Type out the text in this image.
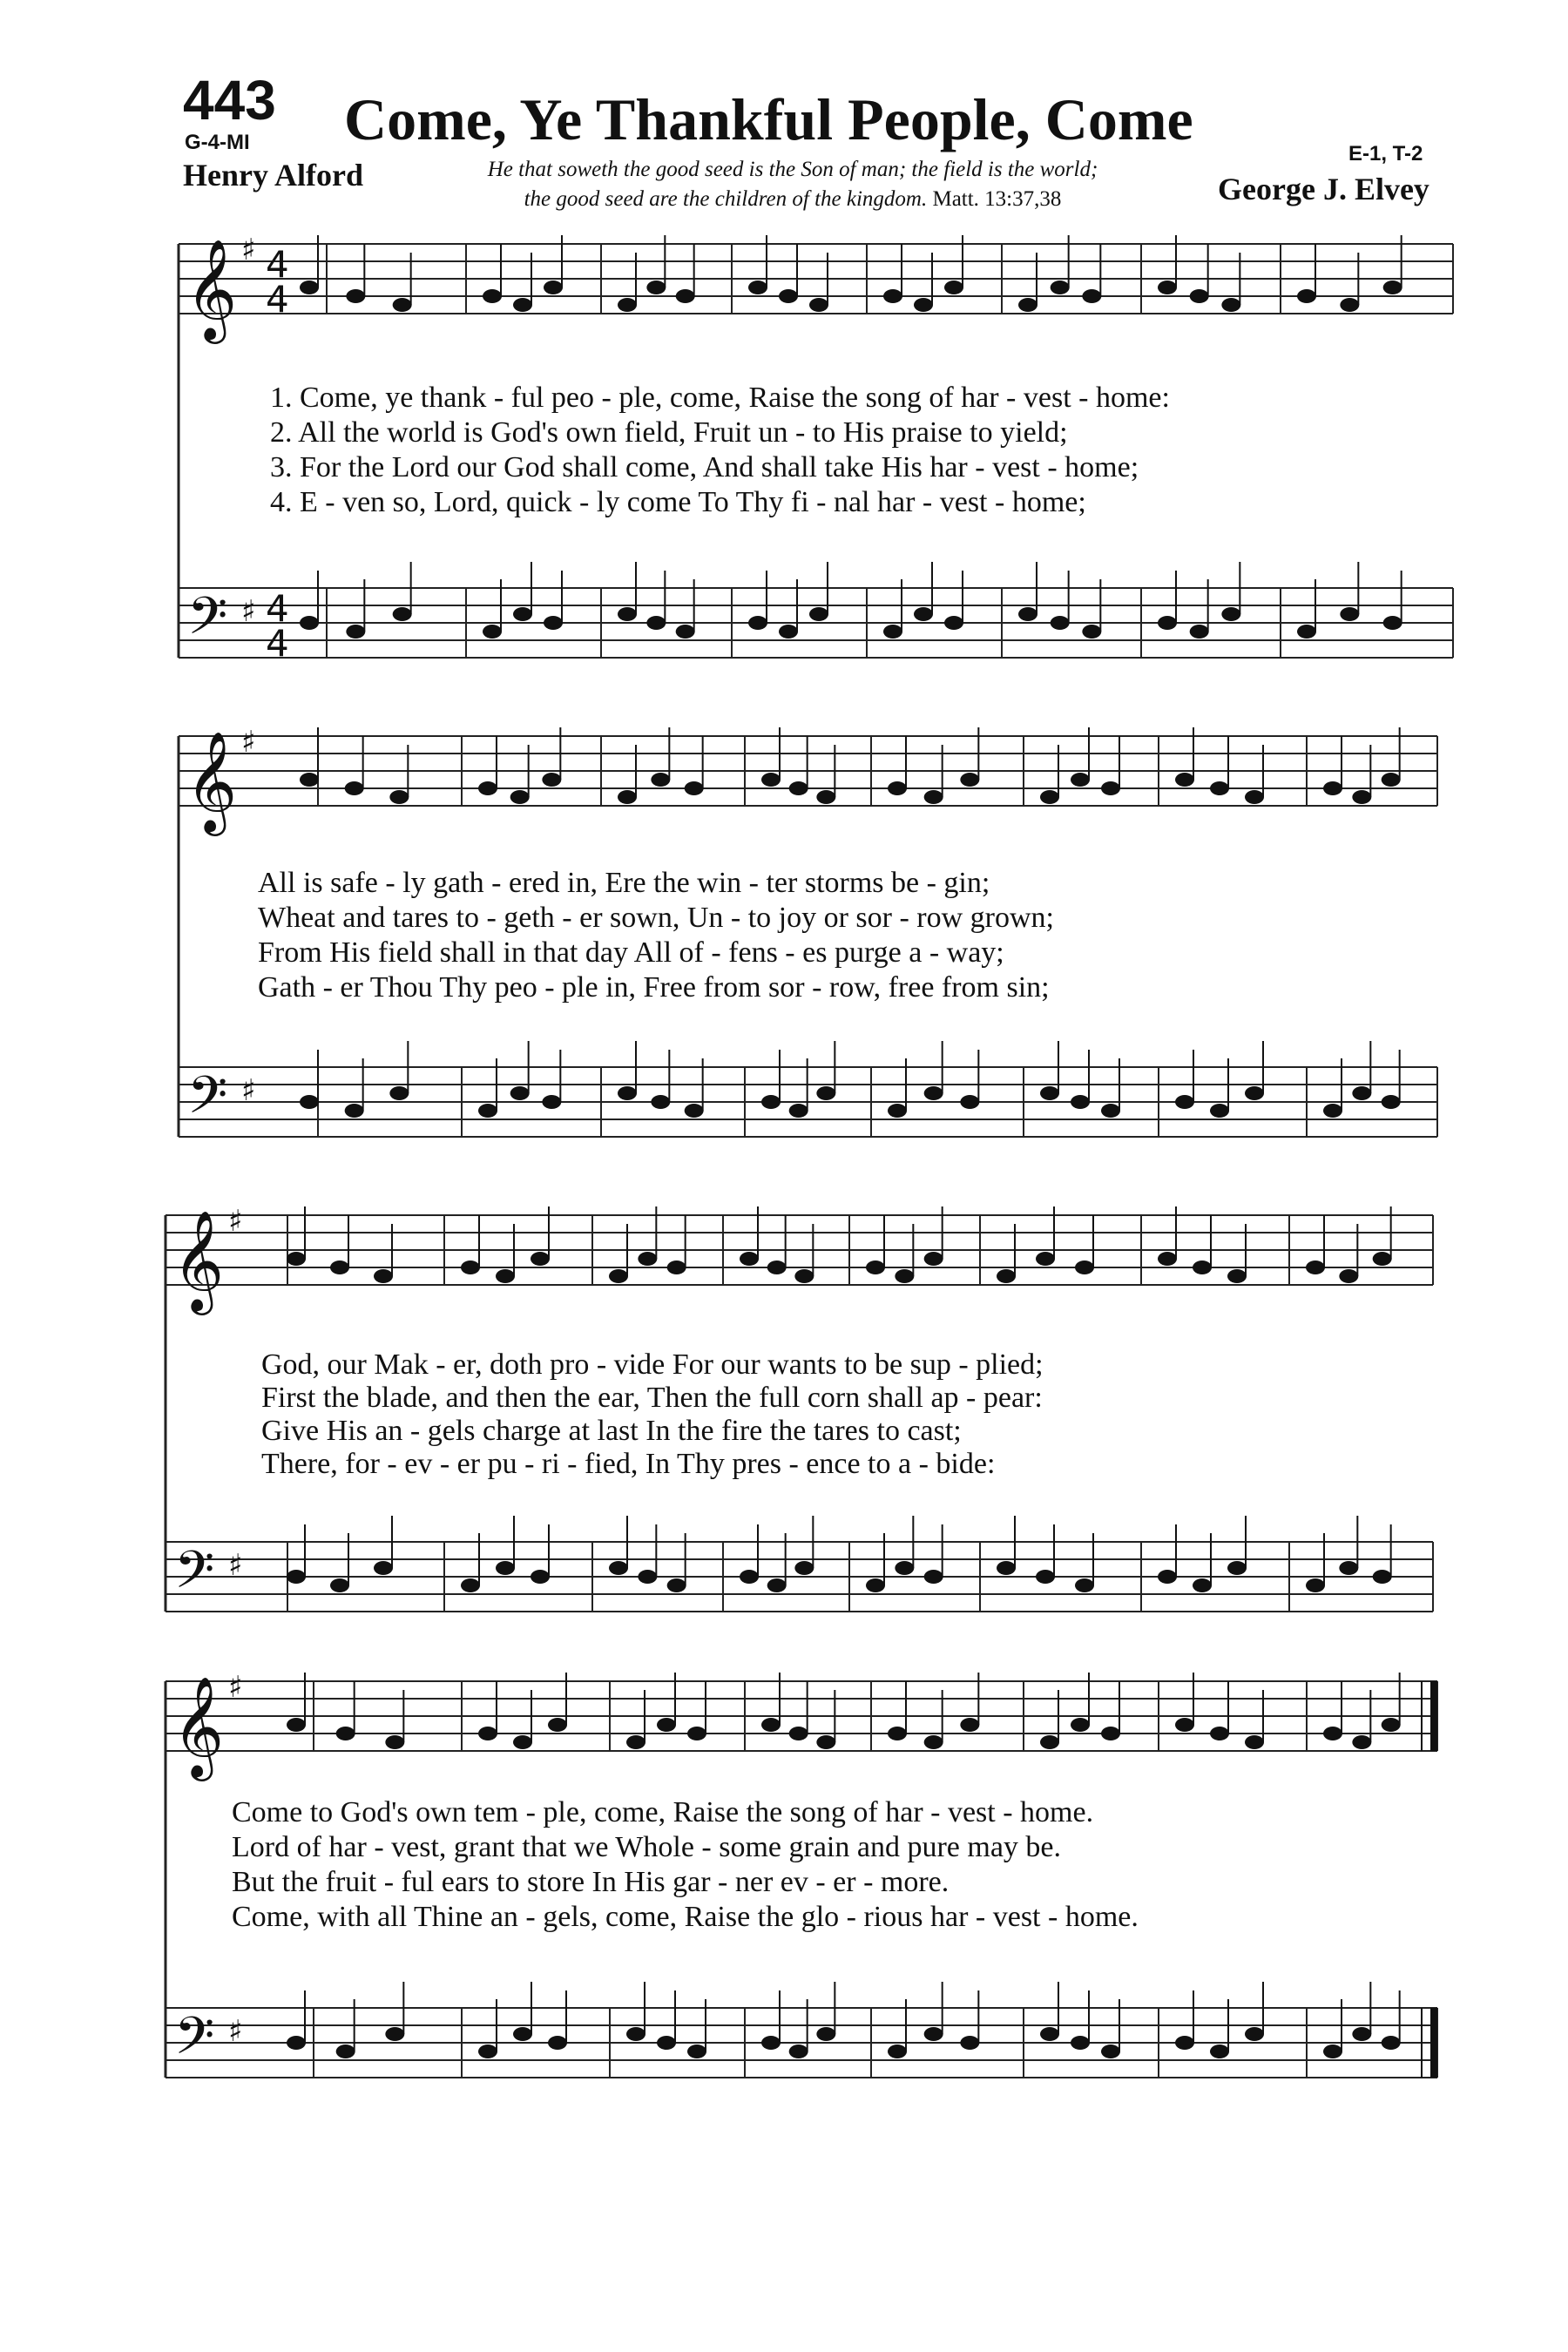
443
G-4-MI Come, Ye Thankful People, Come
Henry Alford
E-1, T-2
George J. Elvey
He that soweth the good seed is the Son of man; the field is the world;
the good seed are the children of the kingdom. Matt. 13:37,38
𝄞 ♯ 4
4
𝄢 ♯ 4
4
𝄞 ♯
𝄢 ♯
𝄞 ♯
𝄢 ♯
𝄞 ♯
𝄢 ♯
1. Come, ye thank - ful peo - ple, come, Raise the song of har - vest - home:
2. All the world is God's own field, Fruit un - to His praise to yield;
3. For the Lord our God shall come, And shall take His har - vest - home;
4. E - ven so, Lord, quick - ly come To Thy fi - nal har - vest - home;
All is safe - ly gath - ered in, Ere the win - ter storms be - gin;
Wheat and tares to - geth - er sown, Un - to joy or sor - row grown;
From His field shall in that day All of - fens - es purge a - way;
Gath - er Thou Thy peo - ple in, Free from sor - row, free from sin;
God, our Mak - er, doth pro - vide For our wants to be sup - plied;
First the blade, and then the ear, Then the full corn shall ap - pear:
Give His an - gels charge at last In the fire the tares to cast;
There, for - ev - er pu - ri - fied, In Thy pres - ence to a - bide:
Come to God's own tem - ple, come, Raise the song of har - vest - home.
Lord of har - vest, grant that we Whole - some grain and pure may be.
But the fruit - ful ears to store In His gar - ner ev - er - more.
Come, with all Thine an - gels, come, Raise the glo - rious har - vest - home.
